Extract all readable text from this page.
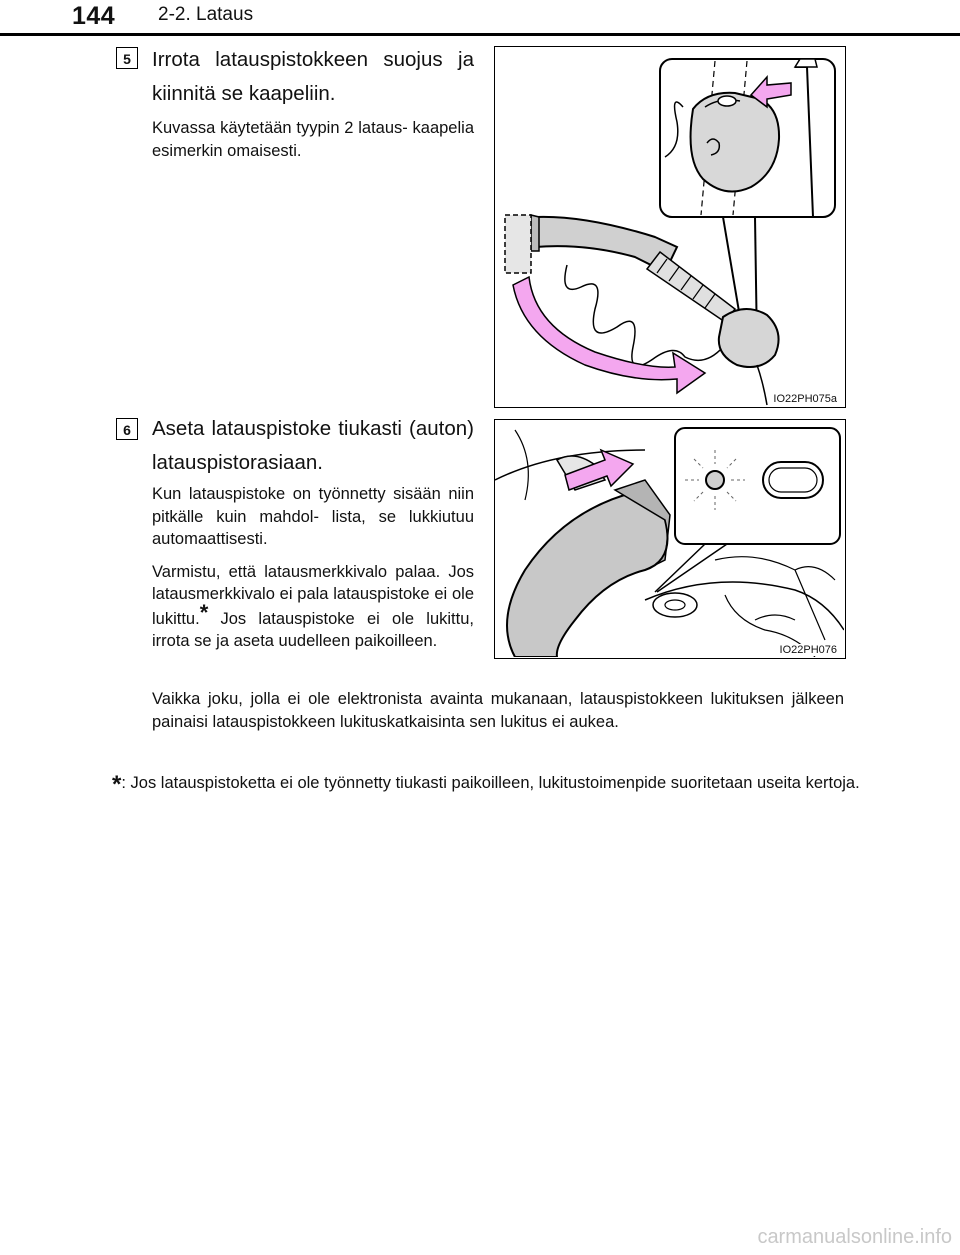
144 2-2. Lataus
5	Irrota latauspistokkeen suojus ja kiinnitä se kaapeliin.

Kuvassa käytetään tyypin 2 lataus- kaapelia esimerkin omaisesti.

IO22PH075a
6	Aseta latauspistoke tiukasti (auton) latauspistorasiaan.

Kun latauspistoke on työnnetty sisään niin pitkälle kuin mahdol- lista, se lukkiutuu automaattisesti.

Varmistu, että latausmerkkivalo palaa. Jos latausmerkkivalo ei pala latauspistoke ei ole lukittu.* Jos latauspistoke ei ole lukittu, irrota se ja aseta uudelleen paikoilleen.	IO22PH076

Vaikka joku, jolla ei ole elektronista avainta mukanaan, latauspistokkeen lukituksen jälkeen painaisi latauspistokkeen lukituskatkaisinta sen lukitus ei aukea.

*: Jos latauspistoketta ei ole työnnetty tiukasti paikoilleen, lukitustoimenpide suoritetaan useita kertoja.
carmanualsonline.info
